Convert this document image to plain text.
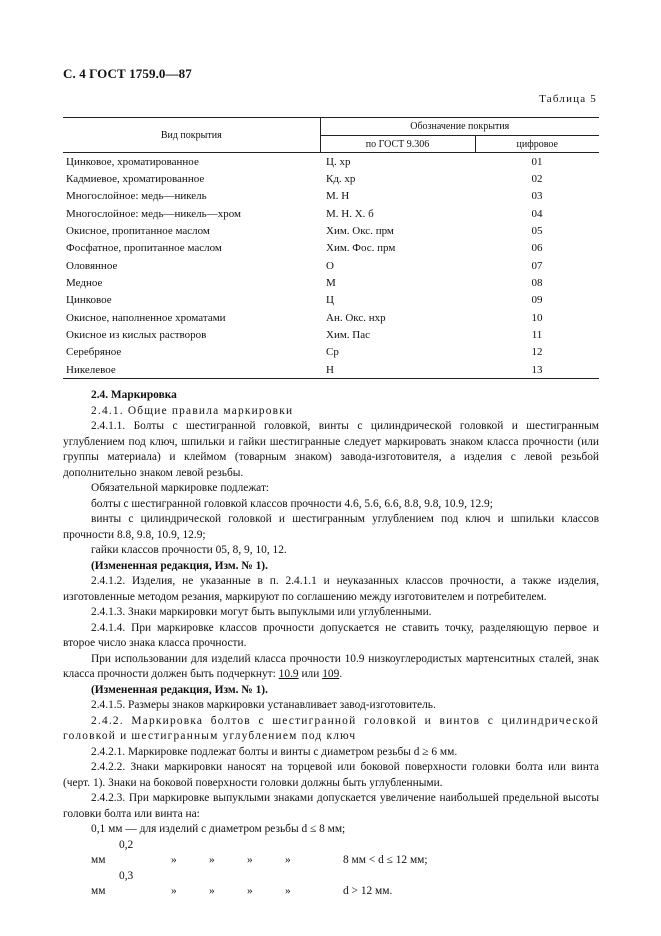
С. 4 ГОСТ 1759.0—87
Таблица 5
Вид покрытия	Обозначение покрытия	
	по ГОСТ 9.306	цифровое
Цинковое, хроматированное	Ц. хр	01
Кадмиевое, хроматированное	Кд. хр	02
Многослойное: медь—никель	М. Н	03
Многослойное: медь—никель—хром	М. Н. Х. б	04
Окисное, пропитанное маслом	Хим. Окс. прм	05
Фосфатное, пропитанное маслом	Хим. Фос. прм	06
Оловянное	О	07
Медное	М	08
Цинковое	Ц	09
Окисное, наполненное хроматами	Ан. Окс. нхр	10
Окисное из кислых растворов	Хим. Пас	11
Серебряное	Ср	12
Никелевое	Н	13

2.4. Маркировка

2.4.1. Общие правила маркировки

2.4.1.1. Болты с шестигранной головкой, винты с цилиндрической головкой и шестигранным углублением под ключ, шпильки и гайки шестигранные следует маркировать знаком класса прочности (или группы материала) и клеймом (товарным знаком) завода-изготовителя, а изделия с левой резьбой дополнительно знаком левой резьбы.

Обязательной маркировке подлежат:

болты с шестигранной головкой классов прочности 4.6, 5.6, 6.6, 8.8, 9.8, 10.9, 12.9;

винты с цилиндрической головкой и шестигранным углублением под ключ и шпильки классов прочности 8.8, 9.8, 10.9, 12.9;

гайки классов прочности 05, 8, 9, 10, 12.

(Измененная редакция, Изм. № 1).

2.4.1.2. Изделия, не указанные в п. 2.4.1.1 и неуказанных классов прочности, а также изделия, изготовленные методом резания, маркируют по соглашению между изготовителем и потребителем.

2.4.1.3. Знаки маркировки могут быть выпуклыми или углубленными.

2.4.1.4. При маркировке классов прочности допускается не ставить точку, разделяющую первое и второе число знака класса прочности.

При использовании для изделий класса прочности 10.9 низкоуглеродистых мартенситных сталей, знак класса прочности должен быть подчеркнут: 10.9 или 109.

(Измененная редакция, Изм. № 1).

2.4.1.5. Размеры знаков маркировки устанавливает завод-изготовитель.

2.4.2. Маркировка болтов с шестигранной головкой и винтов с цилиндрической головкой и шестигранным углублением под ключ

2.4.2.1. Маркировке подлежат болты и винты с диаметром резьбы d ≥ 6 мм.

2.4.2.2. Знаки маркировки наносят на торцевой или боковой поверхности головки болта или винта (черт. 1). Знаки на боковой поверхности головки должны быть углубленными.

2.4.2.3. При маркировке выпуклыми знаками допускается увеличение наибольшей предельной высоты головки болта или винта на:

0,1 мм — для изделий с диаметром резьбы d ≤ 8 мм;

0,2 мм	»	»	»	»	8 мм < d ≤ 12 мм;

0,3 мм	»	»	»	»	d > 12 мм.
